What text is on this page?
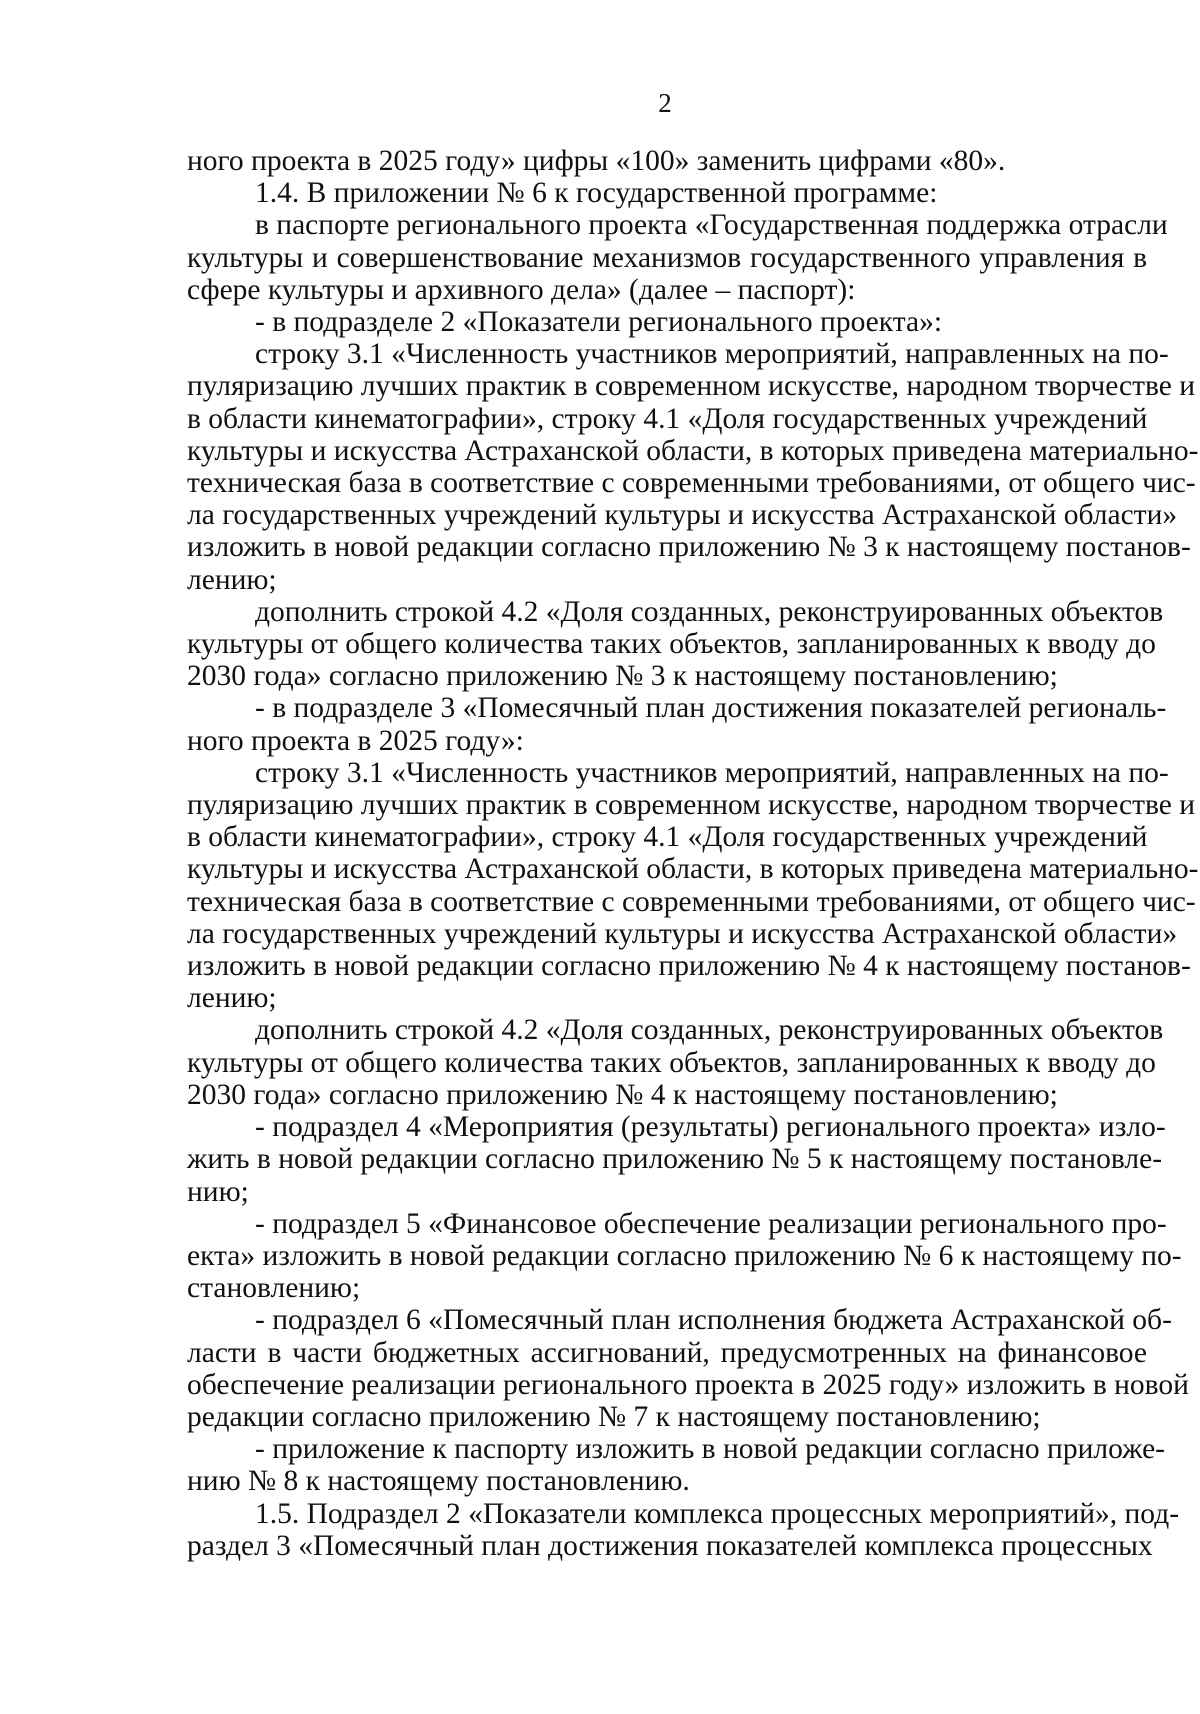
2
ного проекта в 2025 году» цифры «100» заменить цифрами «80».
1.4. В приложении № 6 к государственной программе:
в паспорте регионального проекта «Государственная поддержка отрасли
культуры и совершенствование механизмов государственного управления в
сфере культуры и архивного дела» (далее – паспорт):
- в подразделе 2 «Показатели регионального проекта»:
строку 3.1 «Численность участников мероприятий, направленных на по-
пуляризацию лучших практик в современном искусстве, народном творчестве и
в области кинематографии», строку 4.1 «Доля государственных учреждений
культуры и искусства Астраханской области, в которых приведена материально-
техническая база в соответствие с современными требованиями, от общего чис-
ла государственных учреждений культуры и искусства Астраханской области»
изложить в новой редакции согласно приложению № 3 к настоящему постанов-
лению;
дополнить строкой 4.2 «Доля созданных, реконструированных объектов
культуры от общего количества таких объектов, запланированных к вводу до
2030 года» согласно приложению № 3 к настоящему постановлению;
- в подразделе 3 «Помесячный план достижения показателей региональ-
ного проекта в 2025 году»:
строку 3.1 «Численность участников мероприятий, направленных на по-
пуляризацию лучших практик в современном искусстве, народном творчестве и
в области кинематографии», строку 4.1 «Доля государственных учреждений
культуры и искусства Астраханской области, в которых приведена материально-
техническая база в соответствие с современными требованиями, от общего чис-
ла государственных учреждений культуры и искусства Астраханской области»
изложить в новой редакции согласно приложению № 4 к настоящему постанов-
лению;
дополнить строкой 4.2 «Доля созданных, реконструированных объектов
культуры от общего количества таких объектов, запланированных к вводу до
2030 года» согласно приложению № 4 к настоящему постановлению;
- подраздел 4 «Мероприятия (результаты) регионального проекта» изло-
жить в новой редакции согласно приложению № 5 к настоящему постановле-
нию;
- подраздел 5 «Финансовое обеспечение реализации регионального про-
екта» изложить в новой редакции согласно приложению № 6 к настоящему по-
становлению;
- подраздел 6 «Помесячный план исполнения бюджета Астраханской об-
ласти в части бюджетных ассигнований, предусмотренных на финансовое
обеспечение реализации регионального проекта в 2025 году» изложить в новой
редакции согласно приложению № 7 к настоящему постановлению;
- приложение к паспорту изложить в новой редакции согласно приложе-
нию № 8 к настоящему постановлению.
1.5. Подраздел 2 «Показатели комплекса процессных мероприятий», под-
раздел 3 «Помесячный план достижения показателей комплекса процессных
